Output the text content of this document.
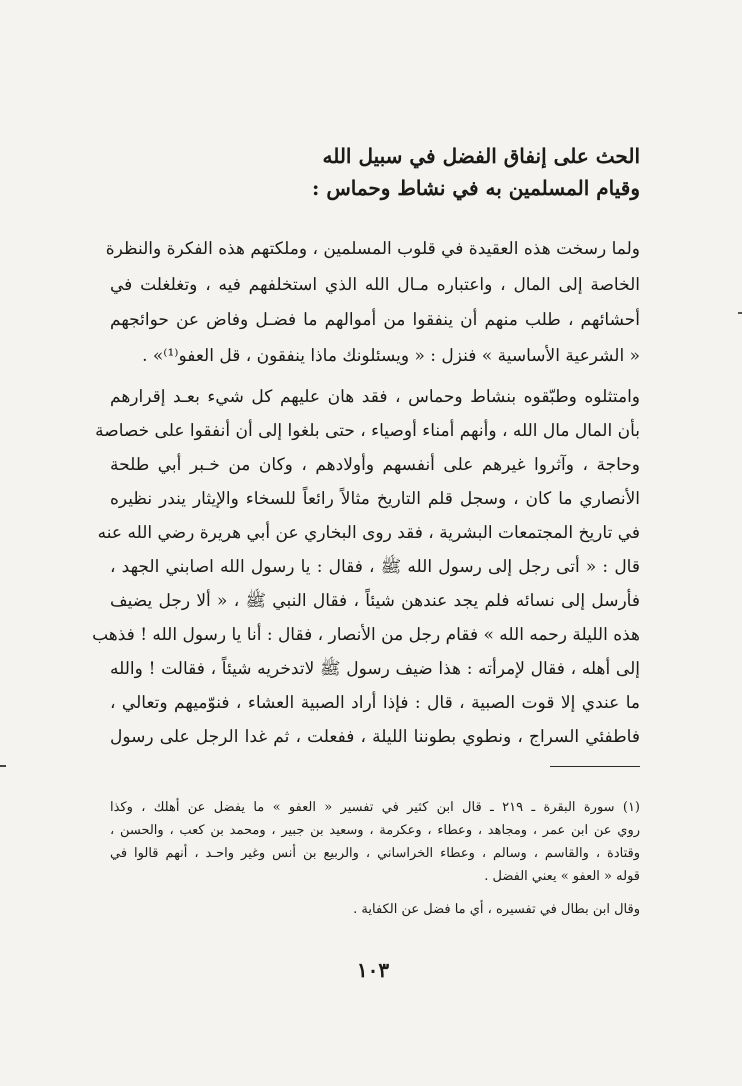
الحث على إنفاق الفضل في سبيل الله
وقيام المسلمين به في نشاط وحماس :
ولما رسخت هذه العقيدة في قلوب المسلمين ، وملكتهم هذه الفكرة والنظرة
الخاصة إلى المال ، واعتباره مـال الله الذي استخلفهم فيه ، وتغلغلت في
أحشائهم ، طلب منهم أن ينفقوا من أموالهم ما فضـل وفاض عن حوائجهم
« الشرعية الأساسية » فنزل : « ويسئلونك ماذا ينفقون ، قل العفو⁽¹⁾» .
وامتثلوه وطبّقوه بنشاط وحماس ، فقد هان عليهم كل شيء بعـد إقرارهم
بأن المال مال الله ، وأنهم أمناء أوصياء ، حتى بلغوا إلى أن أنفقوا على خصاصة
وحاجة ، وآثروا غيرهم على أنفسهم وأولادهم ، وكان من خـبر أبي طلحة
الأنصاري ما كان ، وسجل قلم التاريخ مثالاً رائعاً للسخاء والإيثار يندر نظيره
في تاريخ المجتمعات البشرية ، فقد روى البخاري عن أبي هريرة رضي الله عنه
قال : « أتى رجل إلى رسول الله ﷺ ، فقال : يا رسول الله اصابني الجهد ،
فأرسل إلى نسائه فلم يجد عندهن شيئاً ، فقال النبي ﷺ ، « ألا رجل يضيف
هذه الليلة رحمه الله » فقام رجل من الأنصار ، فقال : أنا يا رسول الله ! فذهب
إلى أهله ، فقال لإمرأته : هذا ضيف رسول ﷺ لاتدخريه شيئاً ، فقالت ! والله
ما عندي إلا قوت الصبية ، قال : فإذا أراد الصبية العشاء ، فنوّميهم وتعالي ،
فاطفئي السراج ، ونطوي بطوننا الليلة ، ففعلت ، ثم غدا الرجل على رسول
(١) سورة البقرة ـ ٢١٩ ـ قال ابن كثير في تفسير « العفو » ما يفضل عن أهلك ، وكذا
روي عن ابن عمر ، ومجاهد ، وعطاء ، وعكرمة ، وسعيد بن جبير ، ومحمد بن كعب ، والحسن ،
وقتادة ، والقاسم ، وسالم ، وعطاء الخراساني ، والربيع بن أنس وغير واحـد ، أنهم قالوا في
قوله « العفو » يعني الفضل .
وقال ابن بطال في تفسيره ، أي ما فضل عن الكفاية .
١٠٣
